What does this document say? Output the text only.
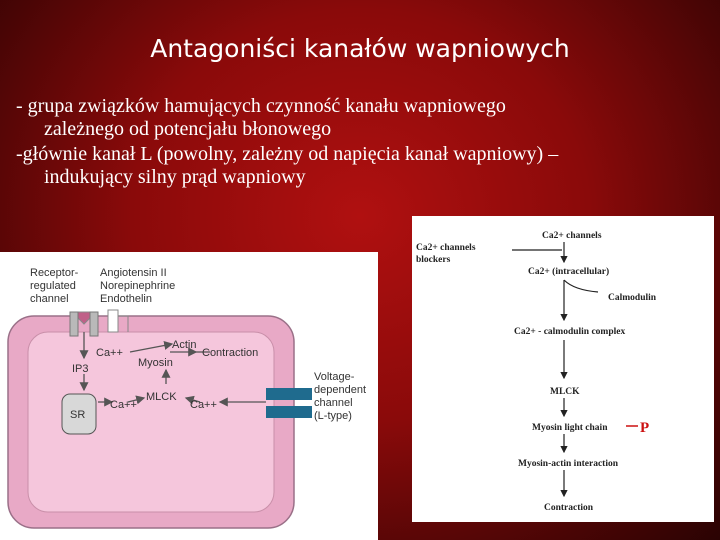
Antagoniści kanałów wapniowych
- grupa związków hamujących czynność kanału wapniowego
zależnego od potencjału błonowego
-głównie kanał L (powolny, zależny od napięcia kanał wapniowy) –
indukujący silny prąd wapniowy
Receptor-
regulated
channel
Angiotensin II
Norepinephrine
Endothelin
Actin
Ca++	Contraction
Myosin
IP3
SR
Ca++
MLCK
Ca++
Voltage-
dependent
channel
(L-type)
Ca2+ channels
blockers
Ca2+ channels
Ca2+ (intracellular)
Calmodulin
Ca2+ - calmodulin complex
MLCK
Myosin light chain P
Myosin-actin interaction
Contraction
